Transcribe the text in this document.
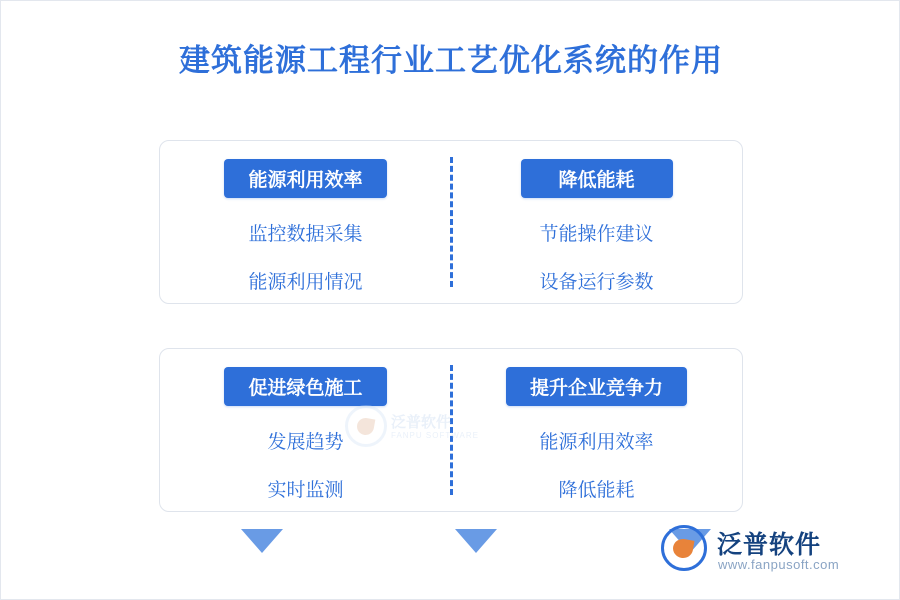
建筑能源工程行业工艺优化系统的作用
能源利用效率
监控数据采集
能源利用情况
降低能耗
节能操作建议
设备运行参数
促进绿色施工
发展趋势
实时监测
提升企业竞争力
能源利用效率
降低能耗
泛普软件
FANPU SOFTWARE
泛普软件
www.fanpusoft.com
